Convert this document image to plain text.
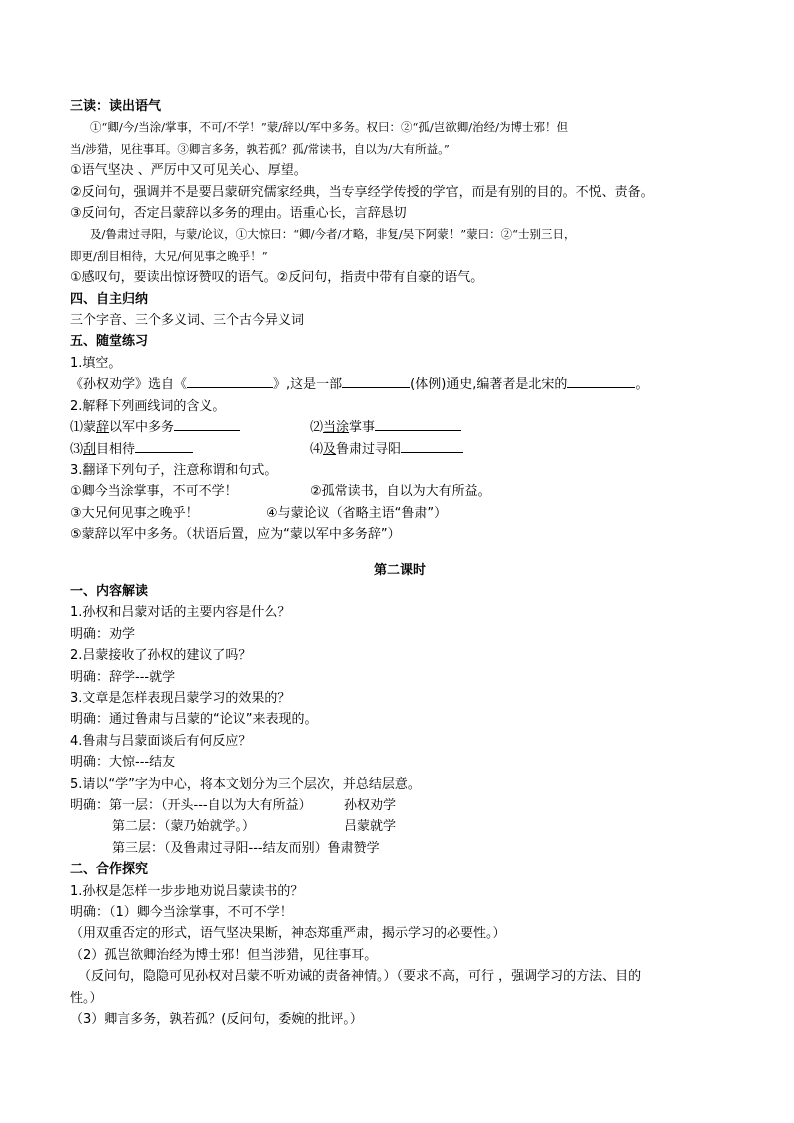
三读：读出语气
①“卿/今/当涂/掌事，不可/不学！”蒙/辞以/军中多务。权曰：②“孤/岂欲卿/治经/为博士邪！但
当/涉猎，见往事耳。③卿言多务，孰若孤？孤/常读书，自以为/大有所益。”
①语气坚决 、严厉中又可见关心、厚望。
②反问句，强调并不是要吕蒙研究儒家经典，当专享经学传授的学官，而是有别的目的。不悦、责备。
③反问句，否定吕蒙辞以多务的理由。语重心长，言辞恳切
及/鲁肃过寻阳，与蒙/论议，①大惊曰：“卿/今者/才略，非复/吴下阿蒙！”蒙曰：②“士别三日，
即更/刮目相待，大兄/何见事之晚乎！”
①感叹句，要读出惊讶赞叹的语气。②反问句，指责中带有自豪的语气。
四、自主归纳
三个字音、三个多义词、三个古今异义词
五、随堂练习
1.填空。
《孙权劝学》选自《	》,这是一部	(体例)通史,编著者是北宋的	。
2.解释下列画线词的含义。
⑴蒙辞以军中多务	⑵当涂掌事
⑶刮目相待	⑷及鲁肃过寻阳
3.翻译下列句子，注意称谓和句式。
①卿今当涂掌事，不可不学！	②孤常读书，自以为大有所益。
③大兄何见事之晚乎！	④与蒙论议（省略主语“鲁肃”）
⑤蒙辞以军中多务。（状语后置，应为“蒙以军中多务辞”）
第二课时
一、内容解读
1.孙权和吕蒙对话的主要内容是什么？
明确：劝学
2.吕蒙接收了孙权的建议了吗？
明确：辞学---就学
3.文章是怎样表现吕蒙学习的效果的？
明确：通过鲁肃与吕蒙的“论议”来表现的。
4.鲁肃与吕蒙面谈后有何反应？
明确：大惊---结友
5.请以“学”字为中心，将本文划分为三个层次，并总结层意。
明确：第一层：（开头---自以为大有所益） 孙权劝学
第二层：（蒙乃始就学。）	吕蒙就学
第三层：（及鲁肃过寻阳---结友而别）鲁肃赞学
二、合作探究
1.孙权是怎样一步步地劝说吕蒙读书的？
明确：（1）卿今当涂掌事，不可不学！
（用双重否定的形式，语气坚决果断，神态郑重严肃，揭示学习的必要性。）
（2）孤岂欲卿治经为博士邪！但当涉猎，见往事耳。
（反问句，隐隐可见孙权对吕蒙不听劝诫的责备神情。）（要求不高，可行 ，强调学习的方法、目的
性。）
（3）卿言多务，孰若孤？(反问句，委婉的批评。）
